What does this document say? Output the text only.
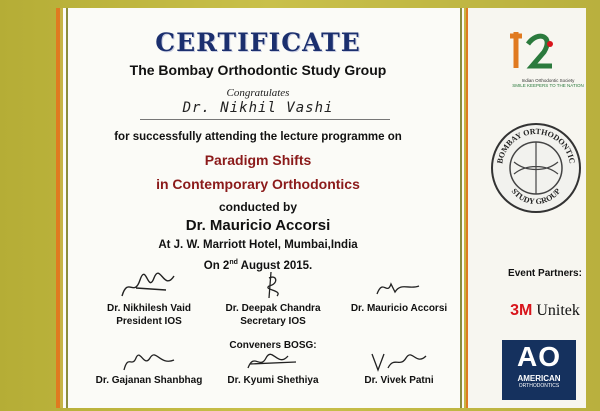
CERTIFICATE
The Bombay Orthodontic Study Group
Congratulates
Dr. Nikhil Vashi
for successfully attending the lecture programme on
Paradigm Shifts
in Contemporary Orthodontics
conducted by
Dr. Mauricio Accorsi
At J. W. Marriott Hotel, Mumbai,India
On 2nd August 2015.
Dr. Nikhilesh Vaid
President IOS
Dr. Deepak Chandra
Secretary IOS
Dr. Mauricio Accorsi
Conveners BOSG:
Dr. Gajanan Shanbhag	Dr. Kyumi Shethiya	Dr. Vivek Patni
Indian Orthodontic Society
SMILE KEEPERS TO THE NATION
BOMBAY ORTHODONTIC
STUDY GROUP
Event Partners:
3M Unitek
AO
AMERICAN
ORTHODONTICS
